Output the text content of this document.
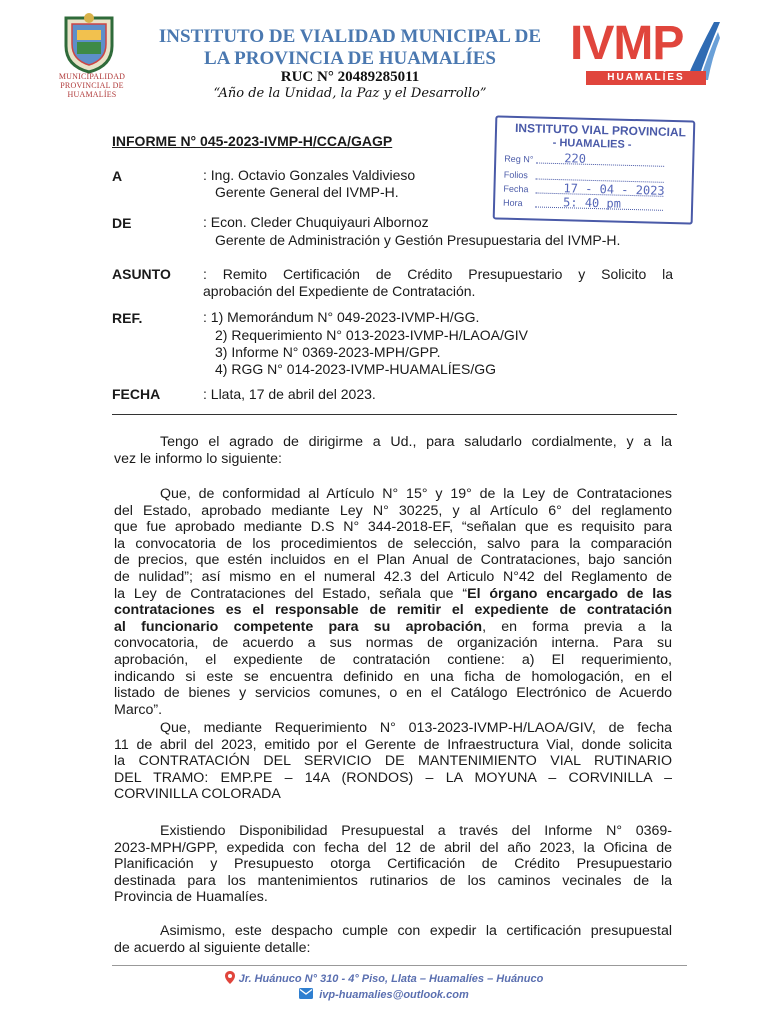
MUNICIPALIDAD
PROVINCIAL DE
HUAMALÍES
INSTITUTO DE VIALIDAD MUNICIPAL DE
LA PROVINCIA DE HUAMALÍES
RUC N° 20489285011
“Año de la Unidad, la Paz y el Desarrollo”
IVMP
HUAMALÍES
INSTITUTO VIAL PROVINCIAL
- HUAMALIES -
Reg N°	220
Folios
Fecha	17 - 04 - 2023
Hora	5: 40 pm
INFORME N° 045-2023-IVMP-H/CCA/GAGP
A	: Ing. Octavio Gonzales Valdivieso
Gerente General del IVMP-H.
DE	: Econ. Cleder Chuquiyauri Albornoz
Gerente de Administración y Gestión Presupuestaria del IVMP-H.
ASUNTO : Remito Certificación de Crédito Presupuestario y Solicito la
aprobación del Expediente de Contratación.
REF.	: 1) Memorándum N° 049-2023-IVMP-H/GG.
2) Requerimiento N° 013-2023-IVMP-H/LAOA/GIV
3) Informe N° 0369-2023-MPH/GPP.
4) RGG N° 014-2023-IVMP-HUAMALÍES/GG
FECHA	: Llata, 17 de abril del 2023.
Tengo el agrado de dirigirme a Ud., para saludarlo cordialmente, y a la
vez le informo lo siguiente:
Que, de conformidad al Artículo N° 15° y 19° de la Ley de Contrataciones
del Estado, aprobado mediante Ley N° 30225, y al Artículo 6° del reglamento
que fue aprobado mediante D.S N° 344-2018-EF, “señalan que es requisito para
la convocatoria de los procedimientos de selección, salvo para la comparación
de precios, que estén incluidos en el Plan Anual de Contrataciones, bajo sanción
de nulidad”; así mismo en el numeral 42.3 del Articulo N°42 del Reglamento de
la Ley de Contrataciones del Estado, señala que “El órgano encargado de las
contrataciones es el responsable de remitir el expediente de contratación
al funcionario competente para su aprobación, en forma previa a la
convocatoria, de acuerdo a sus normas de organización interna. Para su
aprobación, el expediente de contratación contiene: a) El requerimiento,
indicando si este se encuentra definido en una ficha de homologación, en el
listado de bienes y servicios comunes, o en el Catálogo Electrónico de Acuerdo
Marco”.
Que, mediante Requerimiento N° 013-2023-IVMP-H/LAOA/GIV, de fecha
11 de abril del 2023, emitido por el Gerente de Infraestructura Vial, donde solicita
la CONTRATACIÓN DEL SERVICIO DE MANTENIMIENTO VIAL RUTINARIO
DEL TRAMO: EMP.PE – 14A (RONDOS) – LA MOYUNA – CORVINILLA –
CORVINILLA COLORADA
Existiendo Disponibilidad Presupuestal a través del Informe N° 0369-
2023-MPH/GPP, expedida con fecha del 12 de abril del año 2023, la Oficina de
Planificación y Presupuesto otorga Certificación de Crédito Presupuestario
destinada para los mantenimientos rutinarios de los caminos vecinales de la
Provincia de Huamalíes.
Asimismo, este despacho cumple con expedir la certificación presupuestal
de acuerdo al siguiente detalle:
Jr. Huánuco N° 310 - 4° Piso, Llata – Huamalíes – Huánuco
ivp-huamalies@outlook.com
